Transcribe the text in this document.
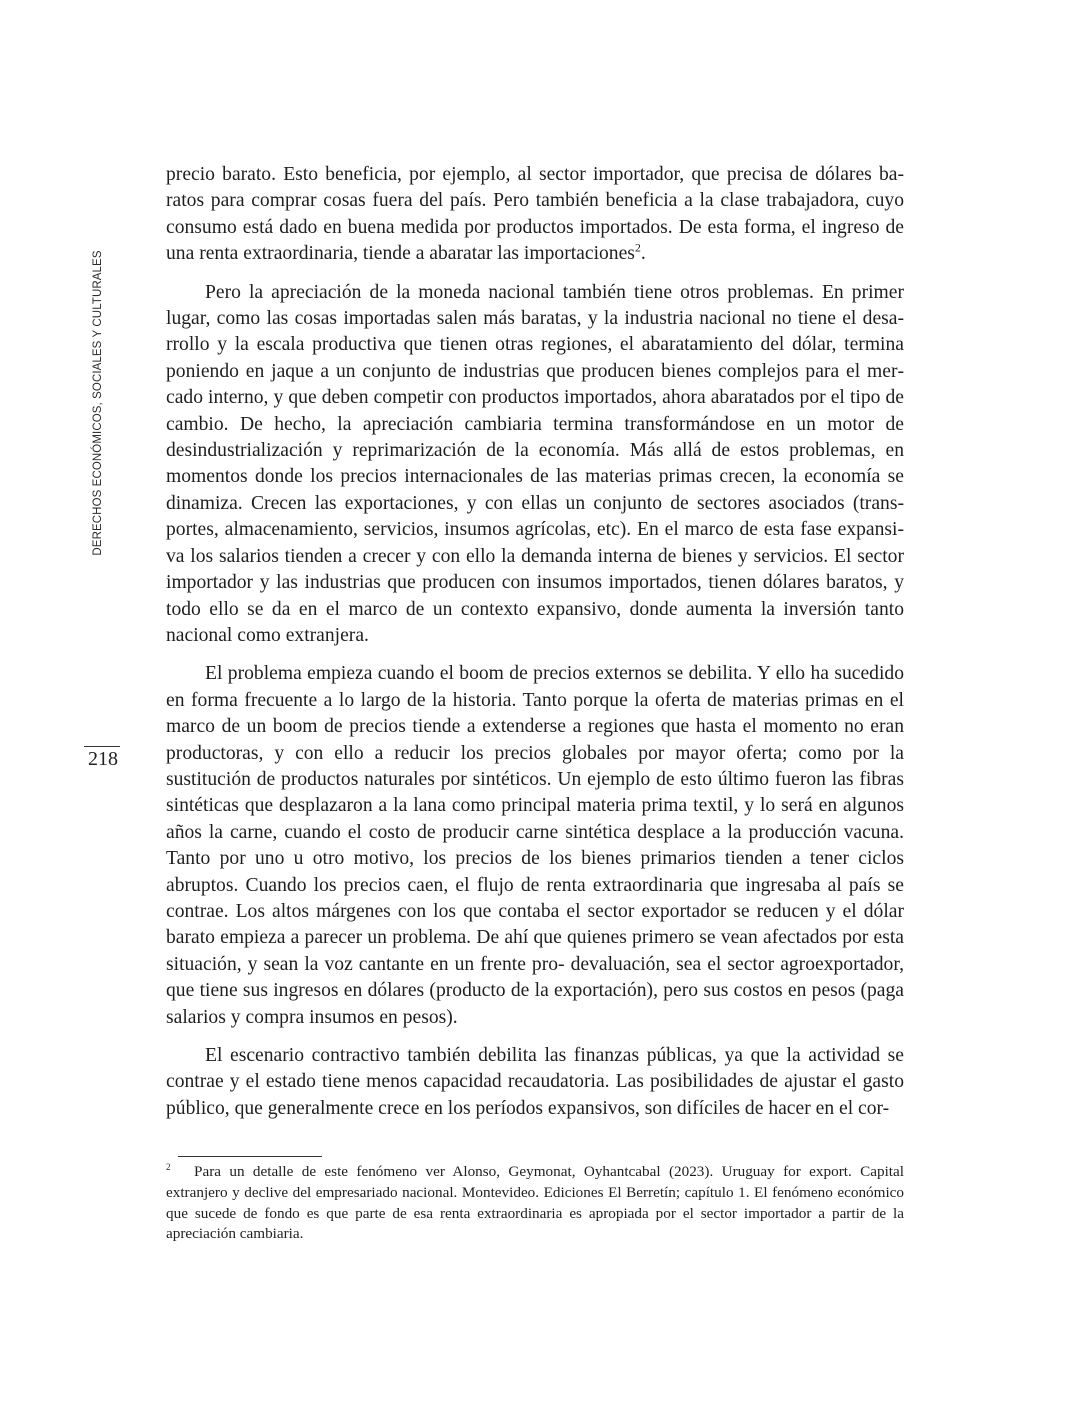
DERECHOS ECONÓMICOS, SOCIALES Y CULTURALES
218

precio barato. Esto beneficia, por ejemplo, al sector importador, que precisa de dólares baratos para comprar cosas fuera del país. Pero también beneficia a la clase trabajadora, cuyo consumo está dado en buena medida por productos importados. De esta forma, el ingreso de una renta extraordinaria, tiende a abaratar las importaciones$^2$.

Pero la apreciación de la moneda nacional también tiene otros problemas. En primer lugar, como las cosas importadas salen más baratas, y la industria nacional no tiene el desarrollo y la escala productiva que tienen otras regiones, el abaratamiento del dólar, termina poniendo en jaque a un conjunto de industrias que producen bienes complejos para el mercado interno, y que deben competir con productos importados, ahora abaratados por el tipo de cambio. De hecho, la apreciación cambiaria termina transformándose en un motor de desindustrialización y reprimarización de la economía. Más allá de estos problemas, en momentos donde los precios internacionales de las materias primas crecen, la economía se dinamiza. Crecen las exportaciones, y con ellas un conjunto de sectores asociados (transportes, almacenamiento, servicios, insumos agrícolas, etc). En el marco de esta fase expansiva los salarios tienden a crecer y con ello la demanda interna de bienes y servicios. El sector importador y las industrias que producen con insumos importados, tienen dólares baratos, y todo ello se da en el marco de un contexto expansivo, donde aumenta la inversión tanto nacional como extranjera.

El problema empieza cuando el boom de precios externos se debilita. Y ello ha sucedido en forma frecuente a lo largo de la historia. Tanto porque la oferta de materias primas en el marco de un boom de precios tiende a extenderse a regiones que hasta el momento no eran productoras, y con ello a reducir los precios globales por mayor oferta; como por la sustitución de productos naturales por sintéticos. Un ejemplo de esto último fueron las fibras sintéticas que desplazaron a la lana como principal materia prima textil, y lo será en algunos años la carne, cuando el costo de producir carne sintética desplace a la producción vacuna. Tanto por uno u otro motivo, los precios de los bienes primarios tienden a tener ciclos abruptos. Cuando los precios caen, el flujo de renta extraordinaria que ingresaba al país se contrae. Los altos márgenes con los que contaba el sector exportador se reducen y el dólar barato empieza a parecer un problema. De ahí que quienes primero se vean afectados por esta situación, y sean la voz cantante en un frente pro- devaluación, sea el sector agroexportador, que tiene sus ingresos en dólares (producto de la exportación), pero sus costos en pesos (paga salarios y compra insumos en pesos).

El escenario contractivo también debilita las finanzas públicas, ya que la actividad se contrae y el estado tiene menos capacidad recaudatoria. Las posibilidades de ajustar el gasto público, que generalmente crece en los períodos expansivos, son difíciles de hacer en el cor-

$^2$ Para un detalle de este fenómeno ver Alonso, Geymonat, Oyhantcabal (2023). Uruguay for export. Capital extranjero y declive del empresariado nacional. Montevideo. Ediciones El Berretín; capítulo 1. El fenómeno económico que sucede de fondo es que parte de esa renta extraordinaria es apropiada por el sector importador a partir de la apreciación cambiaria.
